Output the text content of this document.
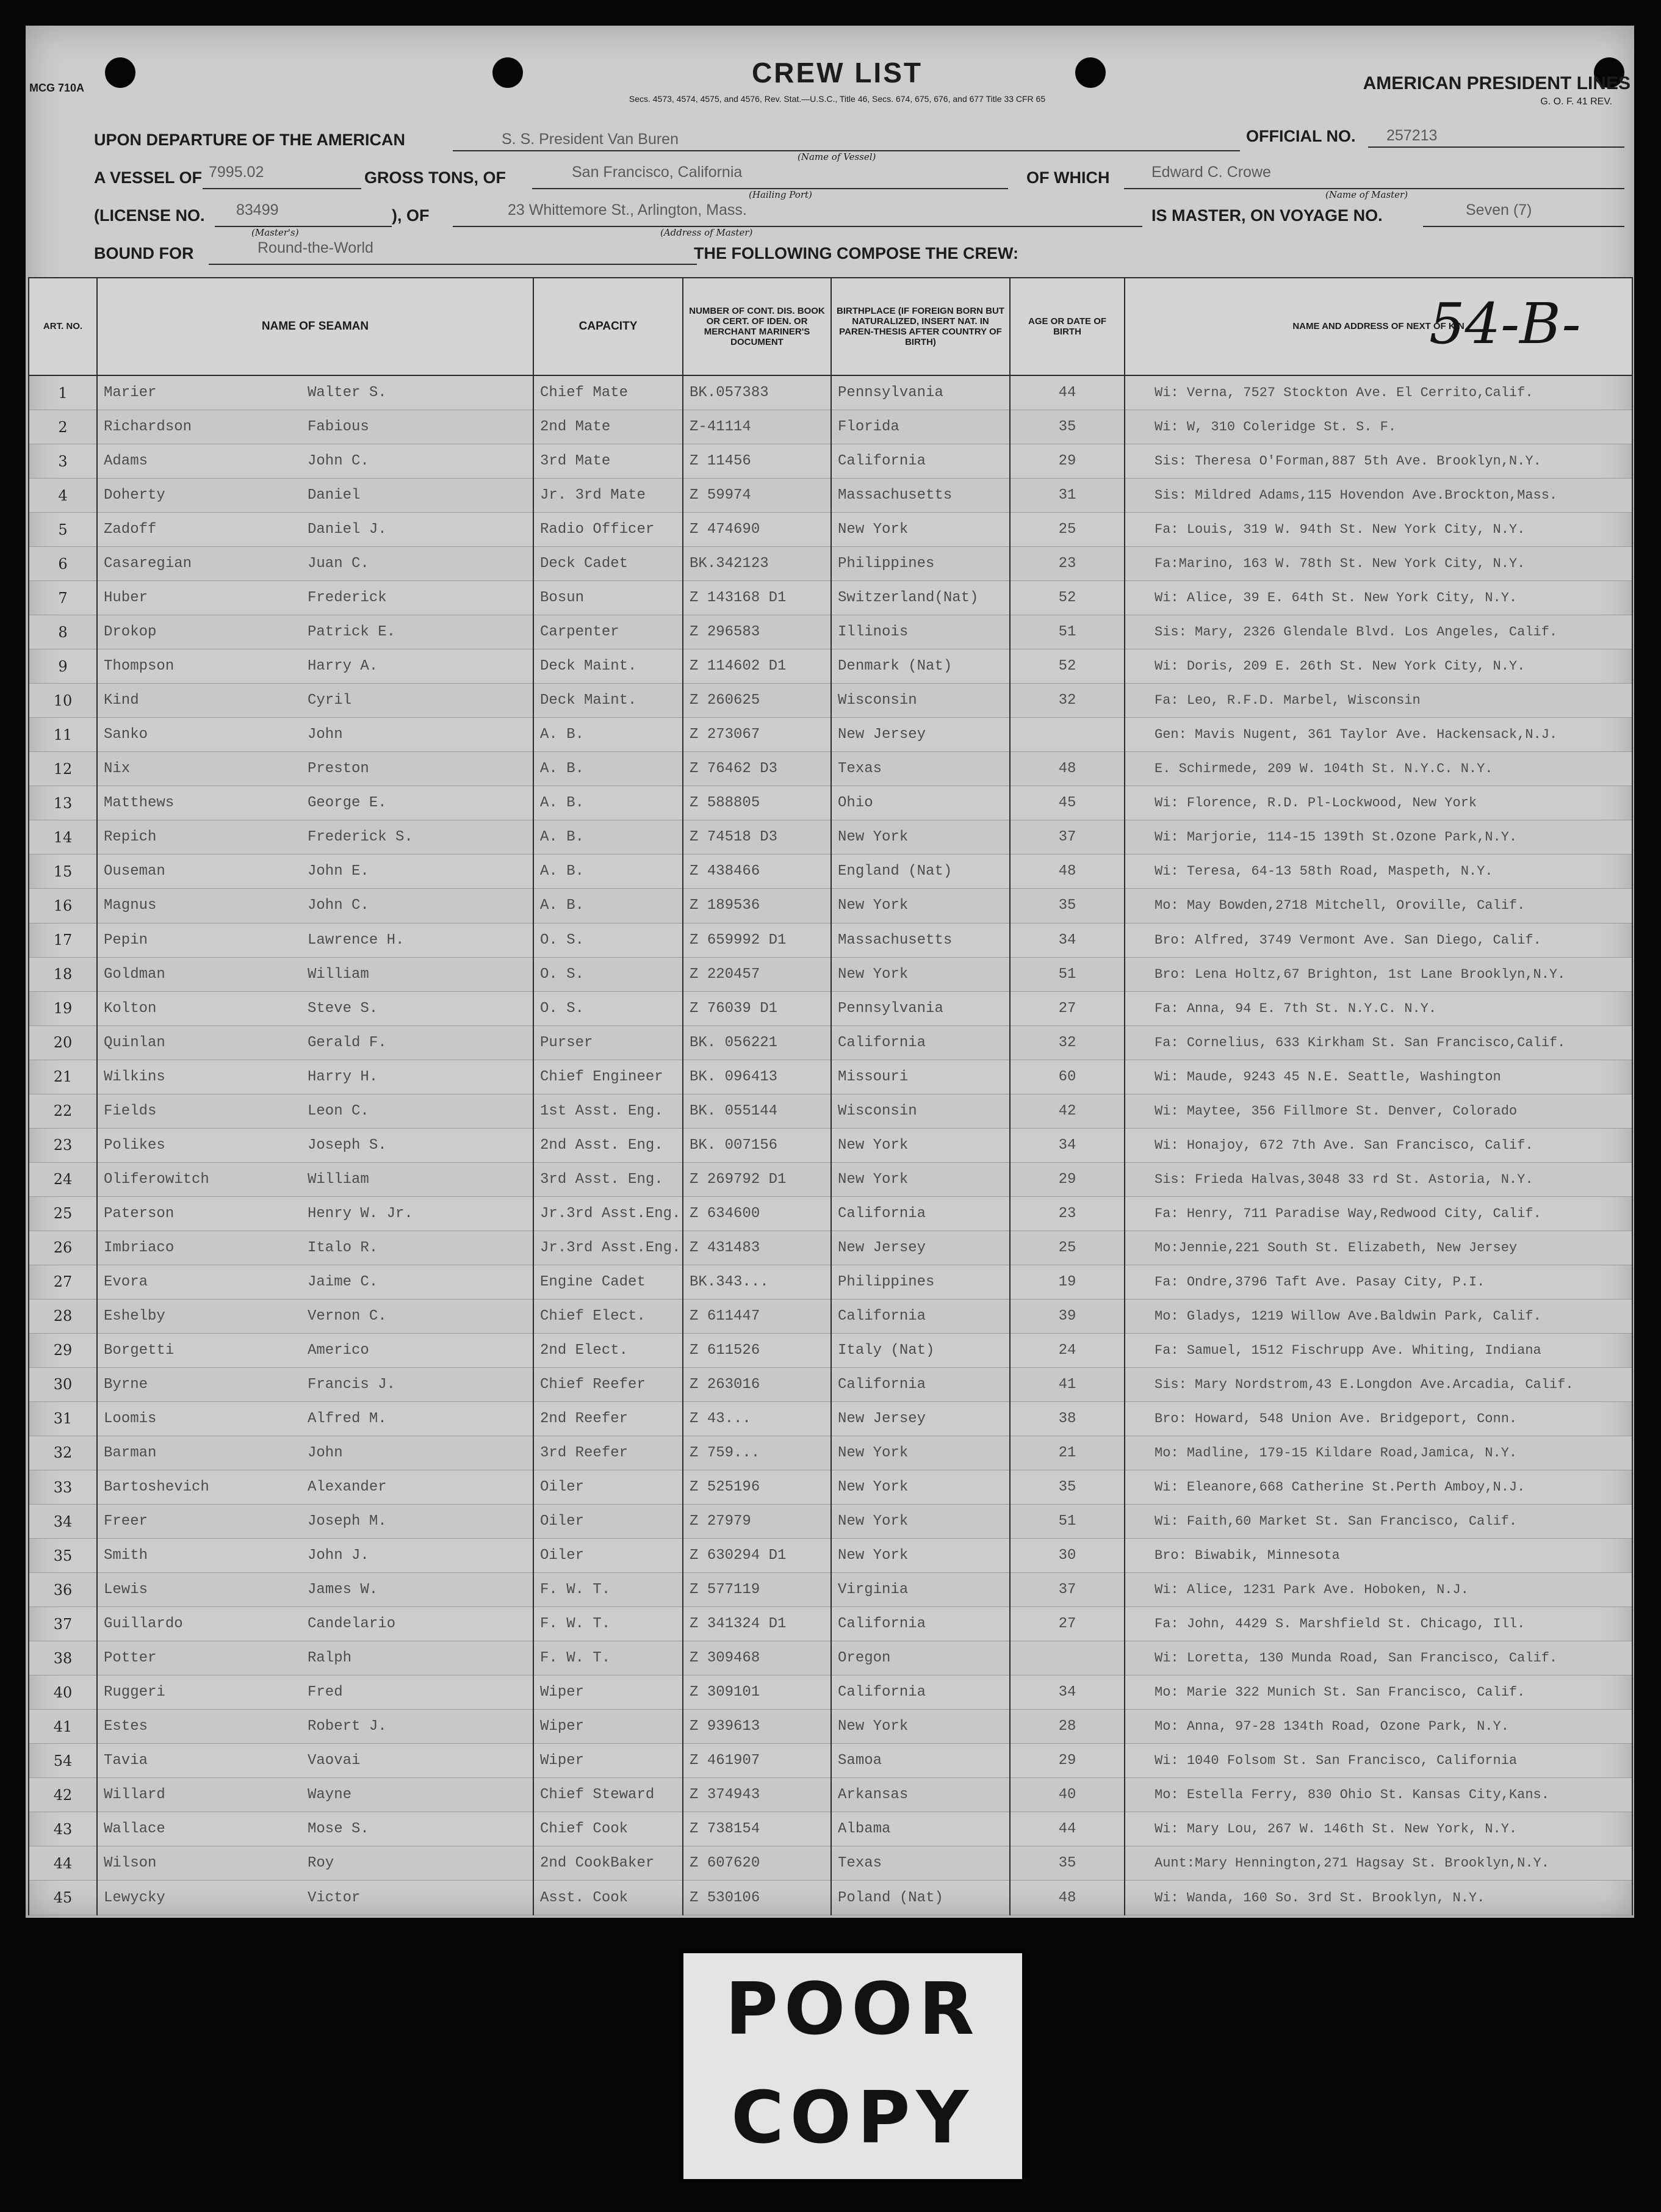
MCG 710A	CREW LIST
Secs. 4573, 4574, 4575, and 4576, Rev. Stat.—U.S.C., Title 46, Secs. 674, 675, 676, and 677 Title 33 CFR 65
AMERICAN PRESIDENT LINES
G. O. F. 41 REV.
UPON DEPARTURE OF THE AMERICAN	S. S. President Van Buren
(Name of Vessel)
OFFICIAL NO. 257213
A VESSEL OF 7995.02	GROSS TONS, OF	San Francisco, California
(Hailing Port)
OF WHICH	Edward C. Crowe
(Name of Master)
(LICENSE NO. 83499
(Master's)
), OF	23 Whittemore St., Arlington, Mass.
(Address of Master)
IS MASTER, ON VOYAGE NO.	Seven (7)
BOUND FOR	Round-the-World	THE FOLLOWING COMPOSE THE CREW:
ART. NO.	NAME OF SEAMAN		CAPACITY	NUMBER OF CONT. DIS. BOOK OR CERT. OF IDEN. OR MERCHANT MARINER'S DOCUMENT	BIRTHPLACE (IF FOREIGN BORN BUT NATURALIZED, INSERT NAT. IN PAREN-THESIS AFTER COUNTRY OF BIRTH)	AGE OR DATE OF BIRTH	NAME AND ADDRESS OF NEXT OF KIN
1	Marier	Walter S.	Chief Mate	BK.057383	Pennsylvania	44	Wi: Verna, 7527 Stockton Ave. El Cerrito,Calif.
2	Richardson	Fabious	2nd Mate	Z-41114	Florida	35	Wi: W, 310 Coleridge St. S. F.
3	Adams	John C.	3rd Mate	Z 11456	California	29	Sis: Theresa O'Forman,887 5th Ave. Brooklyn,N.Y.
4	Doherty	Daniel	Jr. 3rd Mate	Z 59974	Massachusetts	31	Sis: Mildred Adams,115 Hovendon Ave.Brockton,Mass.
5	Zadoff	Daniel J.	Radio Officer	Z 474690	New York	25	Fa: Louis, 319 W. 94th St. New York City, N.Y.
6	Casaregian	Juan C.	Deck Cadet	BK.342123	Philippines	23	Fa:Marino, 163 W. 78th St. New York City, N.Y.
7	Huber	Frederick	Bosun	Z 143168 D1	Switzerland(Nat)	52	Wi: Alice, 39 E. 64th St. New York City, N.Y.
8	Drokop	Patrick E.	Carpenter	Z 296583	Illinois	51	Sis: Mary, 2326 Glendale Blvd. Los Angeles, Calif.
9	Thompson	Harry A.	Deck Maint.	Z 114602 D1	Denmark (Nat)	52	Wi: Doris, 209 E. 26th St. New York City, N.Y.
10	Kind	Cyril	Deck Maint.	Z 260625	Wisconsin	32	Fa: Leo, R.F.D. Marbel, Wisconsin
11	Sanko	John	A. B.	Z 273067	New Jersey		Gen: Mavis Nugent, 361 Taylor Ave. Hackensack,N.J.
12	Nix	Preston	A. B.	Z 76462 D3	Texas	48	E. Schirmede, 209 W. 104th St. N.Y.C. N.Y.
13	Matthews	George E.	A. B.	Z 588805	Ohio	45	Wi: Florence, R.D. Pl-Lockwood, New York
14	Repich	Frederick S.	A. B.	Z 74518 D3	New York	37	Wi: Marjorie, 114-15 139th St.Ozone Park,N.Y.
15	Ouseman	John E.	A. B.	Z 438466	England (Nat)	48	Wi: Teresa, 64-13 58th Road, Maspeth, N.Y.
16	Magnus	John C.	A. B.	Z 189536	New York	35	Mo: May Bowden,2718 Mitchell, Oroville, Calif.
17	Pepin	Lawrence H.	O. S.	Z 659992 D1	Massachusetts	34	Bro: Alfred, 3749 Vermont Ave. San Diego, Calif.
18	Goldman	William	O. S.	Z 220457	New York	51	Bro: Lena Holtz,67 Brighton, 1st Lane Brooklyn,N.Y.
19	Kolton	Steve S.	O. S.	Z 76039 D1	Pennsylvania	27	Fa: Anna, 94 E. 7th St. N.Y.C. N.Y.
20	Quinlan	Gerald F.	Purser	BK. 056221	California	32	Fa: Cornelius, 633 Kirkham St. San Francisco,Calif.
21	Wilkins	Harry H.	Chief Engineer	BK. 096413	Missouri	60	Wi: Maude, 9243 45 N.E. Seattle, Washington
22	Fields	Leon C.	1st Asst. Eng.	BK. 055144	Wisconsin	42	Wi: Maytee, 356 Fillmore St. Denver, Colorado
23	Polikes	Joseph S.	2nd Asst. Eng.	BK. 007156	New York	34	Wi: Honajoy, 672 7th Ave. San Francisco, Calif.
24	Oliferowitch	William	3rd Asst. Eng.	Z 269792 D1	New York	29	Sis: Frieda Halvas,3048 33 rd St. Astoria, N.Y.
25	Paterson	Henry W. Jr.	Jr.3rd Asst.Eng.	Z 634600	California	23	Fa: Henry, 711 Paradise Way,Redwood City, Calif.
26	Imbriaco	Italo R.	Jr.3rd Asst.Eng.	Z 431483	New Jersey	25	Mo:Jennie,221 South St. Elizabeth, New Jersey
27	Evora	Jaime C.	Engine Cadet	BK.343...	Philippines	19	Fa: Ondre,3796 Taft Ave. Pasay City, P.I.
28	Eshelby	Vernon C.	Chief Elect.	Z 611447	California	39	Mo: Gladys, 1219 Willow Ave.Baldwin Park, Calif.
29	Borgetti	Americo	2nd Elect.	Z 611526	Italy (Nat)	24	Fa: Samuel, 1512 Fischrupp Ave. Whiting, Indiana
30	Byrne	Francis J.	Chief Reefer	Z 263016	California	41	Sis: Mary Nordstrom,43 E.Longdon Ave.Arcadia, Calif.
31	Loomis	Alfred M.	2nd Reefer	Z 43...	New Jersey	38	Bro: Howard, 548 Union Ave. Bridgeport, Conn.
32	Barman	John	3rd Reefer	Z 759...	New York	21	Mo: Madline, 179-15 Kildare Road,Jamica, N.Y.
33	Bartoshevich	Alexander	Oiler	Z 525196	New York	35	Wi: Eleanore,668 Catherine St.Perth Amboy,N.J.
34	Freer	Joseph M.	Oiler	Z 27979	New York	51	Wi: Faith,60 Market St. San Francisco, Calif.
35	Smith	John J.	Oiler	Z 630294 D1	New York	30	Bro: Biwabik, Minnesota
36	Lewis	James W.	F. W. T.	Z 577119	Virginia	37	Wi: Alice, 1231 Park Ave. Hoboken, N.J.
37	Guillardo	Candelario	F. W. T.	Z 341324 D1	California	27	Fa: John, 4429 S. Marshfield St. Chicago, Ill.
38	Potter	Ralph	F. W. T.	Z 309468	Oregon		Wi: Loretta, 130 Munda Road, San Francisco, Calif.
40	Ruggeri	Fred	Wiper	Z 309101	California	34	Mo: Marie 322 Munich St. San Francisco, Calif.
41	Estes	Robert J.	Wiper	Z 939613	New York	28	Mo: Anna, 97-28 134th Road, Ozone Park, N.Y.
54	Tavia	Vaovai	Wiper	Z 461907	Samoa	29	Wi: 1040 Folsom St. San Francisco, California
42	Willard	Wayne	Chief Steward	Z 374943	Arkansas	40	Mo: Estella Ferry, 830 Ohio St. Kansas City,Kans.
43	Wallace	Mose S.	Chief Cook	Z 738154	Albama	44	Wi: Mary Lou, 267 W. 146th St. New York, N.Y.
44	Wilson	Roy	2nd CookBaker	Z 607620	Texas	35	Aunt:Mary Hennington,271 Hagsay St. Brooklyn,N.Y.
45	Lewycky	Victor	Asst. Cook	Z 530106	Poland (Nat)	48	Wi: Wanda, 160 So. 3rd St. Brooklyn, N.Y.
54-B-
POOR
COPY
